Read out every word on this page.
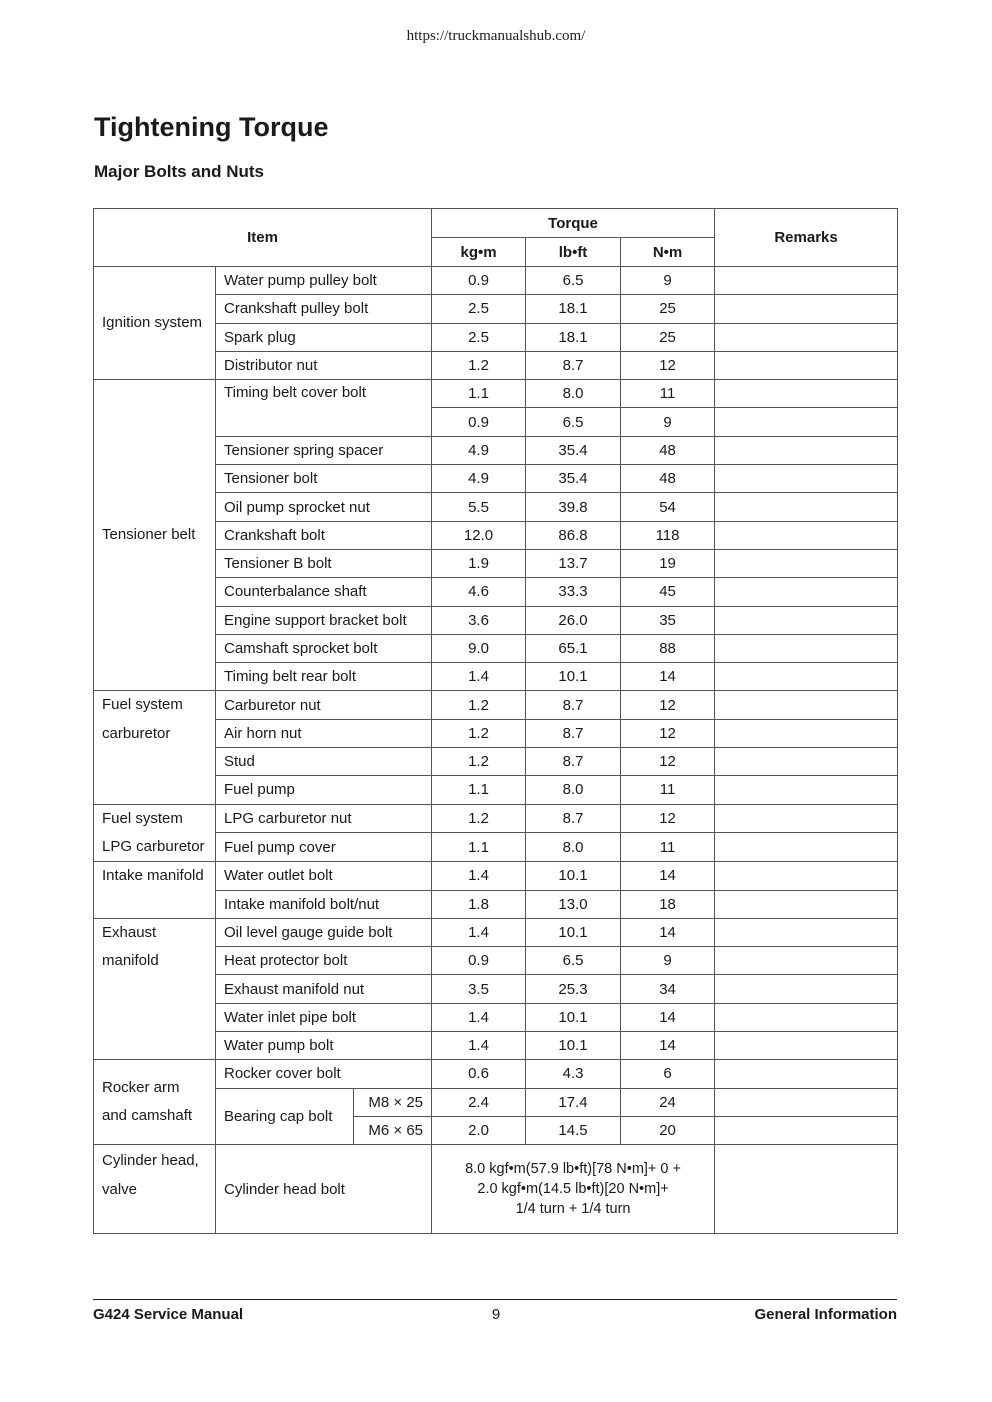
https://truckmanualshub.com/
Tightening Torque
Major Bolts and Nuts
Item			Torque			Remarks
			kg•m	lb•ft	N•m	
Ignition system	Water pump pulley bolt		0.9	6.5	9	
	Crankshaft pulley bolt		2.5	18.1	25	
	Spark plug		2.5	18.1	25	
	Distributor nut		1.2	8.7	12	
Tensioner belt	Timing belt cover bolt		1.1	8.0	11	
			0.9	6.5	9	
	Tensioner spring spacer		4.9	35.4	48	
	Tensioner bolt		4.9	35.4	48	
	Oil pump sprocket nut		5.5	39.8	54	
	Crankshaft bolt		12.0	86.8	118	
	Tensioner B bolt		1.9	13.7	19	
	Counterbalance shaft		4.6	33.3	45	
	Engine support bracket bolt		3.6	26.0	35	
	Camshaft sprocket bolt		9.0	65.1	88	
	Timing belt rear bolt		1.4	10.1	14	

Fuel system
carburetor	Carburetor nut		1.2	8.7	12	
	Air horn nut		1.2	8.7	12	
	Stud		1.2	8.7	12	
	Fuel pump		1.1	8.0	11	

Fuel system
LPG carburetor	LPG carburetor nut		1.2	8.7	12	
	Fuel pump cover		1.1	8.0	11	
Intake manifold	Water outlet bolt		1.4	10.1	14	
	Intake manifold bolt/nut		1.8	13.0	18	

Exhaust
manifold	Oil level gauge guide bolt		1.4	10.1	14	
	Heat protector bolt		0.9	6.5	9	
	Exhaust manifold nut		3.5	25.3	34	
	Water inlet pipe bolt		1.4	10.1	14	
	Water pump bolt		1.4	10.1	14	

Rocker arm
and camshaft	Rocker cover bolt		0.6	4.3	6	
	Bearing cap bolt	M8 × 25	2.4	17.4	24	
		M6 × 65	2.0	14.5	20	

Cylinder head,
valve	Cylinder head bolt		8.0 kgf•m(57.9 lb•ft)[78 N•m]+ 0 +
2.0 kgf•m(14.5 lb•ft)[20 N•m]+
1/4 turn + 1/4 turn			

G424 Service Manual	9	General Information
